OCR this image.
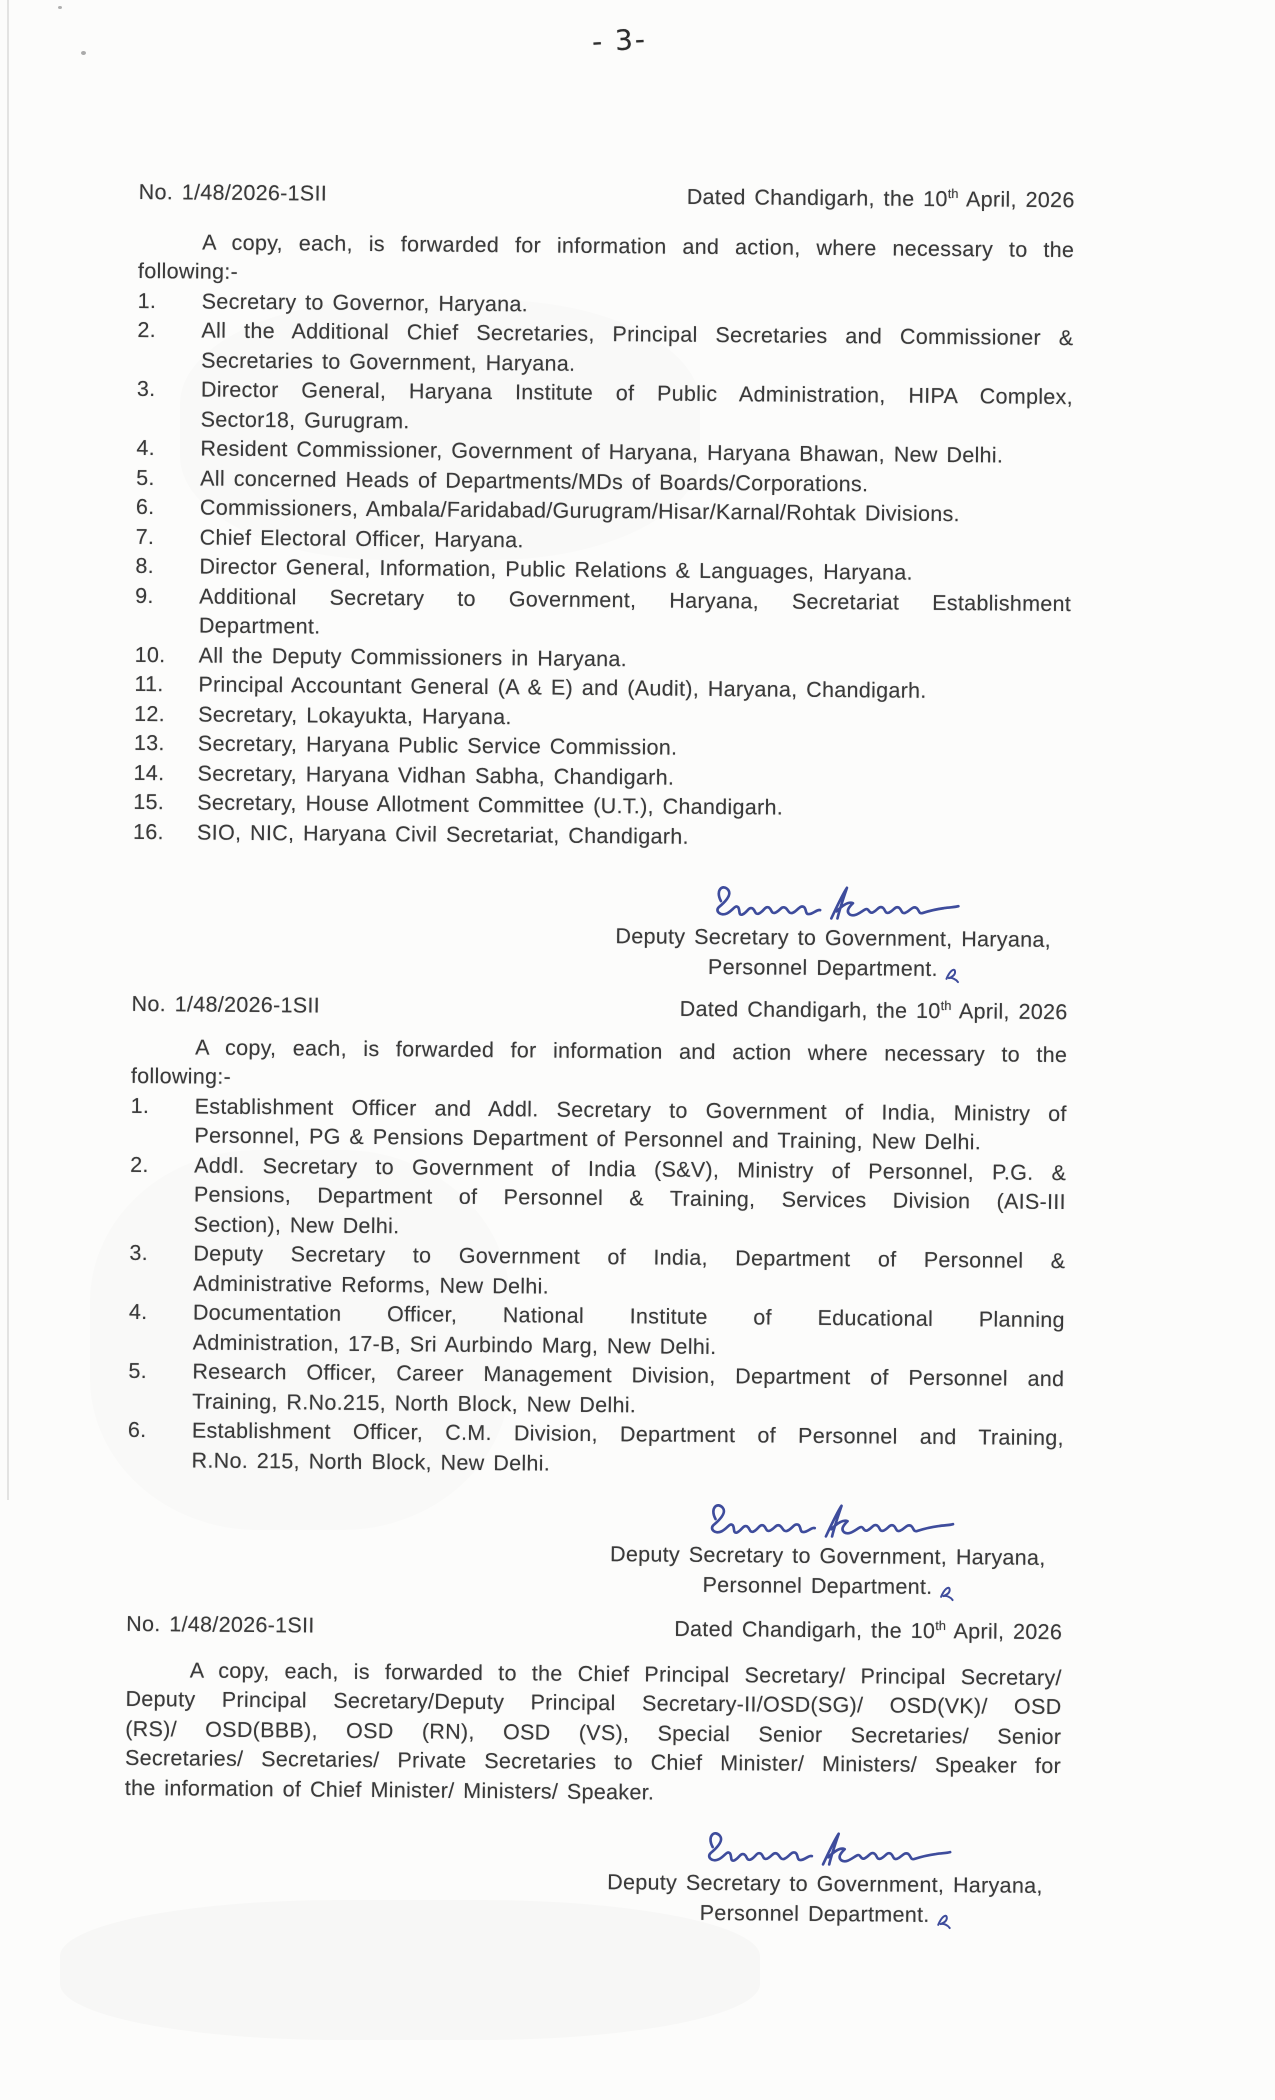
- 3-
No. 1/48/2026-1SII	Dated Chandigarh, the 10th April, 2026
A copy, each, is forwarded for information and action, where necessary to the
following:-
1.	Secretary to Governor, Haryana.
2.	All the Additional Chief Secretaries, Principal Secretaries and Commissioner &
Secretaries to Government, Haryana.
3.	Director General, Haryana Institute of Public Administration, HIPA Complex,
Sector18, Gurugram.
4.	Resident Commissioner, Government of Haryana, Haryana Bhawan, New Delhi.
5.	All concerned Heads of Departments/MDs of Boards/Corporations.
6.	Commissioners, Ambala/Faridabad/Gurugram/Hisar/Karnal/Rohtak Divisions.
7.	Chief Electoral Officer, Haryana.
8.	Director General, Information, Public Relations & Languages, Haryana.
9.	Additional Secretary to Government, Haryana, Secretariat Establishment
Department.
10.	All the Deputy Commissioners in Haryana.
11.	Principal Accountant General (A & E) and (Audit), Haryana, Chandigarh.
12.	Secretary, Lokayukta, Haryana.
13.	Secretary, Haryana Public Service Commission.
14.	Secretary, Haryana Vidhan Sabha, Chandigarh.
15.	Secretary, House Allotment Committee (U.T.), Chandigarh.
16.	SIO, NIC, Haryana Civil Secretariat, Chandigarh.
Deputy Secretary to Government, Haryana,
Personnel Department.
No. 1/48/2026-1SII	Dated Chandigarh, the 10th April, 2026
A copy, each, is forwarded for information and action where necessary to the
following:-
1.	Establishment Officer and Addl. Secretary to Government of India, Ministry of
Personnel, PG & Pensions Department of Personnel and Training, New Delhi.
2.	Addl. Secretary to Government of India (S&V), Ministry of Personnel, P.G. &
Pensions, Department of Personnel & Training, Services Division (AIS-III
Section), New Delhi.
3.	Deputy Secretary to Government of India, Department of Personnel &
Administrative Reforms, New Delhi.
4.	Documentation Officer, National Institute of Educational Planning
Administration, 17-B, Sri Aurbindo Marg, New Delhi.
5.	Research Officer, Career Management Division, Department of Personnel and
Training, R.No.215, North Block, New Delhi.
6.	Establishment Officer, C.M. Division, Department of Personnel and Training,
R.No. 215, North Block, New Delhi.
Deputy Secretary to Government, Haryana,
Personnel Department.
No. 1/48/2026-1SII	Dated Chandigarh, the 10th April, 2026
A copy, each, is forwarded to the Chief Principal Secretary/ Principal Secretary/
Deputy Principal Secretary/Deputy Principal Secretary-II/OSD(SG)/ OSD(VK)/ OSD
(RS)/ OSD(BBB), OSD (RN), OSD (VS), Special Senior Secretaries/ Senior
Secretaries/ Secretaries/ Private Secretaries to Chief Minister/ Ministers/ Speaker for
the information of Chief Minister/ Ministers/ Speaker.
Deputy Secretary to Government, Haryana,
Personnel Department.
